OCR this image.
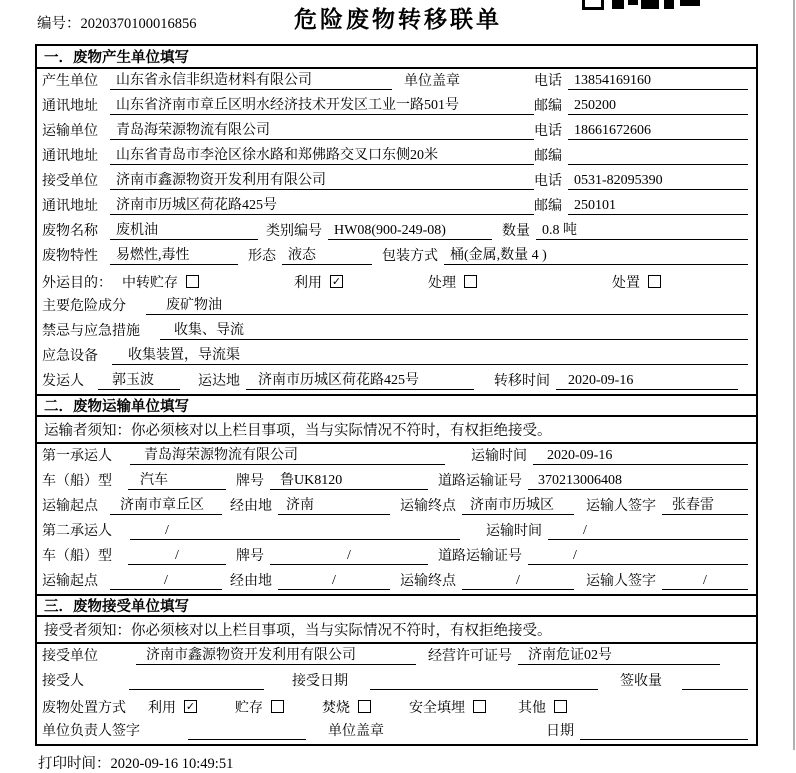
编号：2020370100016856	危险废物转移联单
一．废物产生单位填写
产生单位	山东省永信非织造材料有限公司	单位盖章	电话 13854169160
通讯地址	山东省济南市章丘区明水经济技术开发区工业一路501号	邮编 250200
运输单位	青岛海荣源物流有限公司	电话 18661672606
通讯地址	山东省青岛市李沧区徐水路和郑佛路交叉口东侧20米	邮编
接受单位	济南市鑫源物资开发利用有限公司	电话 0531-82095390
通讯地址	济南市历城区荷花路425号	邮编 250101
废物名称	废机油	类别编号 HW08(900-249-08)	数量 0.8 吨
废物特性	易燃性,毒性	形态 液态	包装方式 桶(金属,数量 4 )
外运目的： 中转贮存	利用 ✓	处理	处置
主要危险成分	废矿物油
禁忌与应急措施	收集、导流
应急设备	收集装置，导流渠
发运人	郭玉波	运达地	济南市历城区荷花路425号	转移时间	2020-09-16
二．废物运输单位填写
运输者须知：你必须核对以上栏目事项，当与实际情况不符时，有权拒绝接受。
第一承运人	青岛海荣源物流有限公司	运输时间	2020-09-16
车（船）型	汽车	牌号	鲁UK8120	道路运输证号	370213006408
运输起点	济南市章丘区	经由地	济南	运输终点	济南市历城区	运输人签字	张春雷
第二承运人	/	运输时间	/
车（船）型	/	牌号	/	道路运输证号	/
运输起点	/	经由地	/	运输终点	/	运输人签字	/
三．废物接受单位填写
接受者须知：你必须核对以上栏目事项，当与实际情况不符时，有权拒绝接受。
接受单位	济南市鑫源物资开发利用有限公司	经营许可证号	济南危证02号
接受人	接受日期	签收量
废物处置方式 利用 ✓	贮存	焚烧	安全填埋	其他
单位负责人签字	单位盖章	日期
打印时间：2020-09-16 10:49:51
